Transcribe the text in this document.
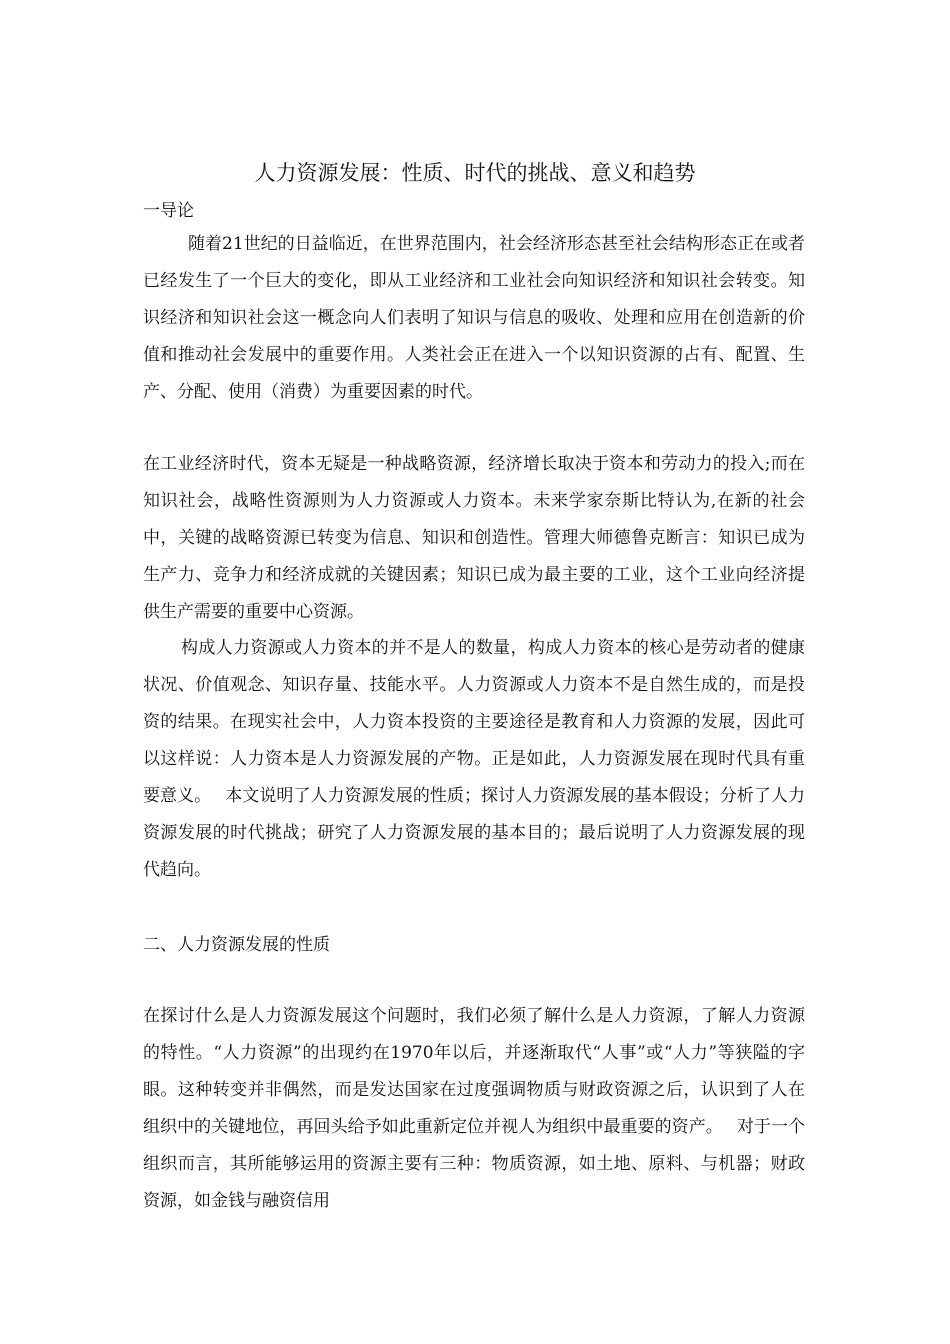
人力资源发展：性质、时代的挑战、意义和趋势
一导论

随着21世纪的日益临近，在世界范围内，社会经济形态甚至社会结构形态正在或者已经发生了一个巨大的变化，即从工业经济和工业社会向知识经济和知识社会转变。知识经济和知识社会这一概念向人们表明了知识与信息的吸收、处理和应用在创造新的价值和推动社会发展中的重要作用。人类社会正在进入一个以知识资源的占有、配置、生产、分配、使用（消费）为重要因素的时代。

在工业经济时代，资本无疑是一种战略资源，经济增长取决于资本和劳动力的投入;而在知识社会，战略性资源则为人力资源或人力资本。未来学家奈斯比特认为,在新的社会中，关键的战略资源已转变为信息、知识和创造性。管理大师德鲁克断言：知识已成为生产力、竞争力和经济成就的关键因素；知识已成为最主要的工业，这个工业向经济提供生产需要的重要中心资源。

构成人力资源或人力资本的并不是人的数量，构成人力资本的核心是劳动者的健康状况、价值观念、知识存量、技能水平。人力资源或人力资本不是自然生成的，而是投资的结果。在现实社会中，人力资本投资的主要途径是教育和人力资源的发展，因此可以这样说：人力资本是人力资源发展的产物。正是如此，人力资源发展在现时代具有重要意义。　 本文说明了人力资源发展的性质；探讨人力资源发展的基本假设；分析了人力资源发展的时代挑战；研究了人力资源发展的基本目的；最后说明了人力资源发展的现代趋向。

二、人力资源发展的性质

在探讨什么是人力资源发展这个问题时，我们必须了解什么是人力资源，了解人力资源的特性。“人力资源”的出现约在1970年以后，并逐渐取代“人事”或“人力”等狭隘的字眼。这种转变并非偶然，而是发达国家在过度强调物质与财政资源之后，认识到了人在组织中的关键地位，再回头给予如此重新定位并视人为组织中最重要的资产。　 对于一个组织而言，其所能够运用的资源主要有三种：物质资源，如土地、原料、与机器；财政资源，如金钱与融资信用
